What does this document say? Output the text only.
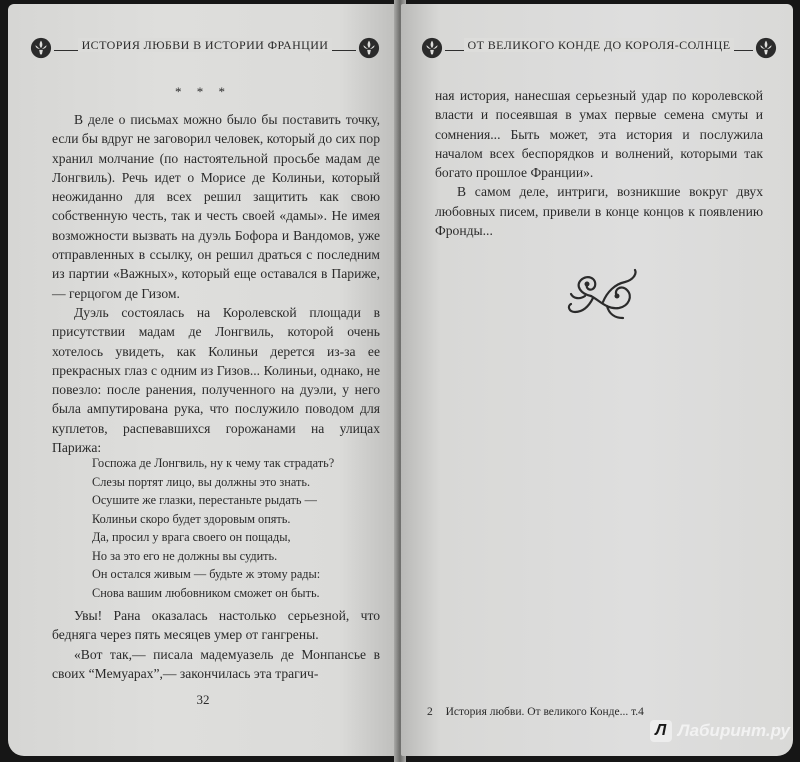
ИСТОРИЯ ЛЮБВИ В ИСТОРИИ ФРАНЦИИ
* * *

В деле о письмах можно было бы поставить точку, если бы вдруг не заговорил человек, который до сих пор хранил молчание (по настоятельной просьбе мадам де Лонгвиль). Речь идет о Морисе де Колиньи, который неожиданно для всех решил защитить как свою собственную честь, так и честь своей «дамы». Не имея возможности вызвать на дуэль Бофора и Вандомов, уже отправленных в ссылку, он решил драться с последним из партии «Важных», который еще оставался в Париже,— герцогом де Гизом.

Дуэль состоялась на Королевской площади в присутствии мадам де Лонгвиль, которой очень хотелось увидеть, как Колиньи дерется из-за ее прекрасных глаз с одним из Гизов... Колиньи, однако, не повезло: после ранения, полученного на дуэли, у него была ампутирована рука, что послужило поводом для куплетов, распевавшихся горожанами на улицах Парижа:

Госпожа де Лонгвиль, ну к чему так страдать?
Слезы портят лицо, вы должны это знать.
Осушите же глазки, перестаньте рыдать —
Колиньи скоро будет здоровым опять.
Да, просил у врага своего он пощады,
Но за это его не должны вы судить.
Он остался живым — будьте ж этому рады:
Снова вашим любовником сможет он быть.

Увы! Рана оказалась настолько серьезной, что бедняга через пять месяцев умер от гангрены.

«Вот так,— писала мадемуазель де Монпансье в своих “Мемуарах”,— закончилась эта трагич-

32
ОТ ВЕЛИКОГО КОНДЕ ДО КОРОЛЯ-СОЛНЦЕ

ная история, нанесшая серьезный удар по королевской власти и посеявшая в умах первые семена смуты и сомнения... Быть может, эта история и послужила началом всех беспорядков и волнений, которыми так богато прошлое Франции».

В самом деле, интриги, возникшие вокруг двух любовных писем, привели в конце концов к появлению Фронды...

2 История любви. От великого Конде... т.4
Л Лабиринт.ру
